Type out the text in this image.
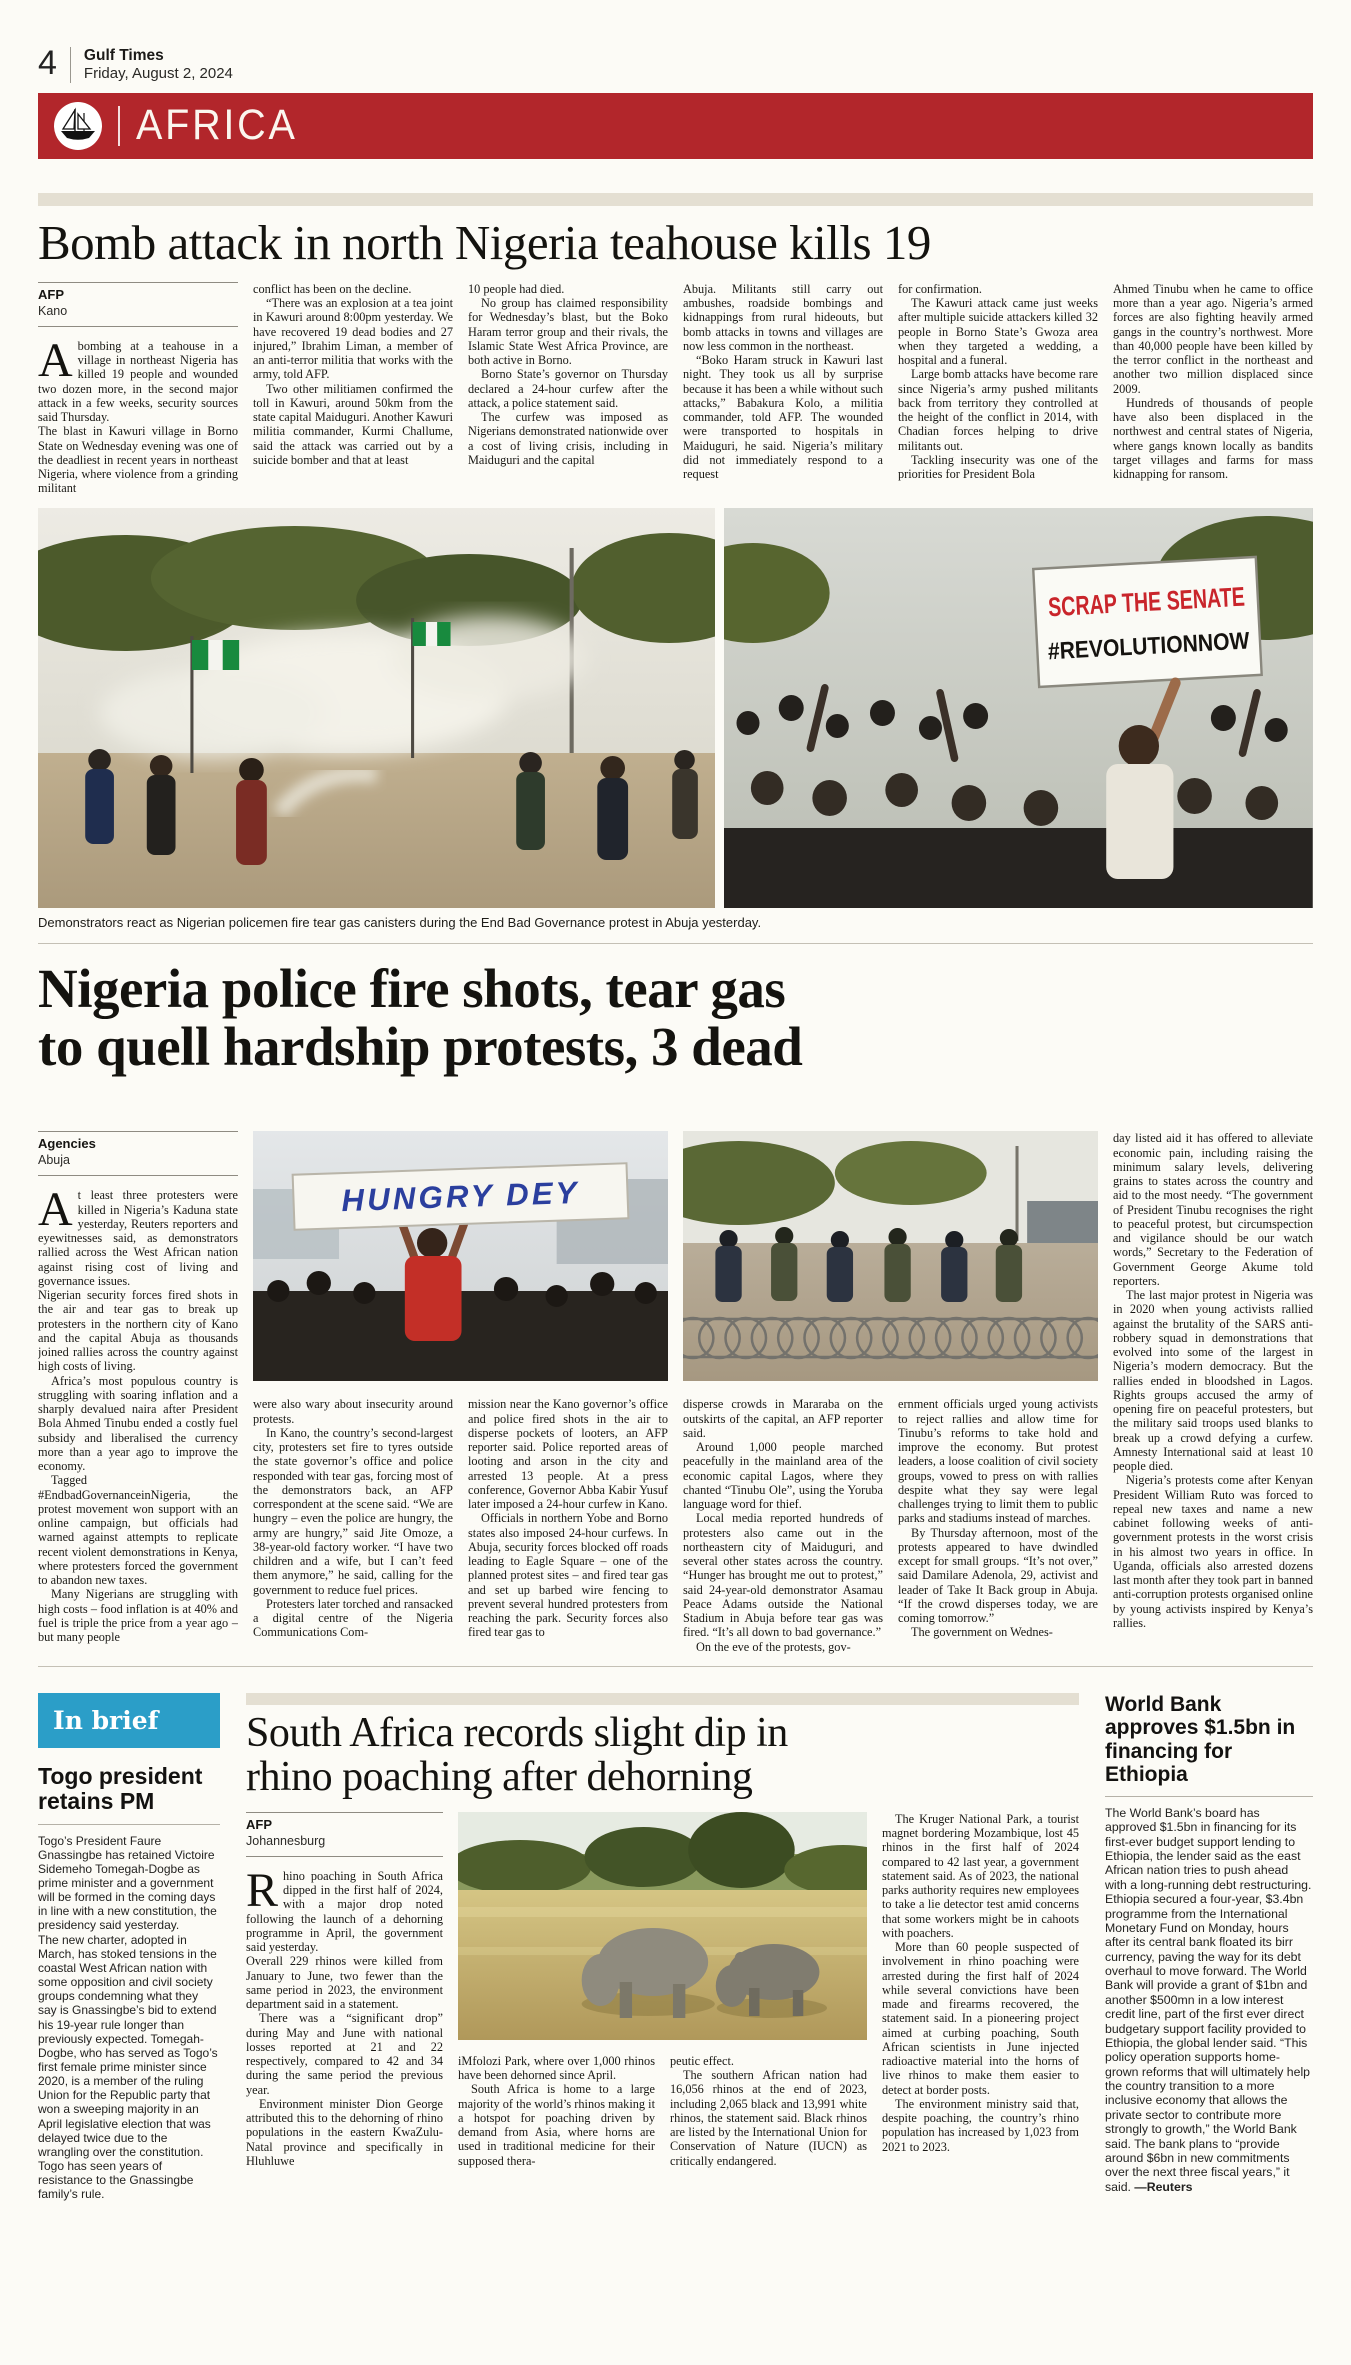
4 Gulf Times
Friday, August 2, 2024
AFRICA
Bomb attack in north Nigeria teahouse kills 19
AFP
Kano

Abombing at a teahouse in a village in northeast Nigeria has killed 19 people and wounded two dozen more, in the second major attack in a few weeks, security sources said Thursday.

The blast in Kawuri village in Borno State on Wednesday evening was one of the deadliest in recent years in northeast Nigeria, where violence from a grinding militant

conflict has been on the decline.

“There was an explosion at a tea joint in Kawuri around 8:00pm yesterday. We have recovered 19 dead bodies and 27 injured,” Ibrahim Liman, a member of an anti-terror militia that works with the army, told AFP.

Two other militiamen confirmed the toll in Kawuri, around 50km from the state capital Maiduguri. Another Kawuri militia commander, Kurmi Challume, said the attack was carried out by a suicide bomber and that at least

10 people had died.

No group has claimed responsibility for Wednesday’s blast, but the Boko Haram terror group and their rivals, the Islamic State West Africa Province, are both active in Borno.

Borno State’s governor on Thursday declared a 24-hour curfew after the attack, a police statement said.

The curfew was imposed as Nigerians demonstrated nationwide over a cost of living crisis, including in Maiduguri and the capital

Abuja. Militants still carry out ambushes, roadside bombings and kidnappings from rural hideouts, but bomb attacks in towns and villages are now less common in the northeast.

“Boko Haram struck in Kawuri last night. They took us all by surprise because it has been a while without such attacks,” Babakura Kolo, a militia commander, told AFP. The wounded were transported to hospitals in Maiduguri, he said. Nigeria’s military did not immediately respond to a request

for confirmation.

The Kawuri attack came just weeks after multiple suicide attackers killed 32 people in Borno State’s Gwoza area when they targeted a wedding, a hospital and a funeral.

Large bomb attacks have become rare since Nigeria’s army pushed militants back from territory they controlled at the height of the conflict in 2014, with Chadian forces helping to drive militants out.

Tackling insecurity was one of the priorities for President Bola

Ahmed Tinubu when he came to office more than a year ago. Nigeria’s armed forces are also fighting heavily armed gangs in the country’s northwest. More than 40,000 people have been killed by the terror conflict in the northeast and another two million displaced since 2009.

Hundreds of thousands of people have also been displaced in the northwest and central states of Nigeria, where gangs known locally as bandits target villages and farms for mass kidnapping for ransom.

SCRAP THE SENATE
#REVOLUTIONNOW
Demonstrators react as Nigerian policemen fire tear gas canisters during the End Bad Governance protest in Abuja yesterday.
Nigeria police fire shots, tear gas
to quell hardship protests, 3 dead
Agencies
Abuja

At least three protesters were killed in Nigeria’s Kaduna state yesterday, Reuters reporters and eyewitnesses said, as demonstrators rallied across the West African nation against rising cost of living and governance issues.

Nigerian security forces fired shots in the air and tear gas to break up protesters in the northern city of Kano and the capital Abuja as thousands joined rallies across the country against high costs of living.

Africa’s most populous country is struggling with soaring inflation and a sharply devalued naira after President Bola Ahmed Tinubu ended a costly fuel subsidy and liberalised the currency more than a year ago to improve the economy.

Tagged #EndbadGovernanceinNigeria, the protest movement won support with an online campaign, but officials had warned against attempts to replicate recent violent demonstrations in Kenya, where protesters forced the government to abandon new taxes.

Many Nigerians are struggling with high costs – food inflation is at 40% and fuel is triple the price from a year ago – but many people

HUNGRY DEY

were also wary about insecurity around protests.

In Kano, the country’s second-largest city, protesters set fire to tyres outside the state governor’s office and police responded with tear gas, forcing most of the demonstrators back, an AFP correspondent at the scene said. “We are hungry – even the police are hungry, the army are hungry,” said Jite Omoze, a 38-year-old factory worker. “I have two children and a wife, but I can’t feed them anymore,” he said, calling for the government to reduce fuel prices.

Protesters later torched and ransacked a digital centre of the Nigeria Communications Com-

mission near the Kano governor’s office and police fired shots in the air to disperse pockets of looters, an AFP reporter said. Police reported areas of looting and arson in the city and arrested 13 people. At a press conference, Governor Abba Kabir Yusuf later imposed a 24-hour curfew in Kano.

Officials in northern Yobe and Borno states also imposed 24-hour curfews. In Abuja, security forces blocked off roads leading to Eagle Square – one of the planned protest sites – and fired tear gas and set up barbed wire fencing to prevent several hundred protesters from reaching the park. Security forces also fired tear gas to

disperse crowds in Mararaba on the outskirts of the capital, an AFP reporter said.

Around 1,000 people marched peacefully in the mainland area of the economic capital Lagos, where they chanted “Tinubu Ole”, using the Yoruba language word for thief.

Local media reported hundreds of protesters also came out in the northeastern city of Maiduguri, and several other states across the country. “Hunger has brought me out to protest,” said 24-year-old demonstrator Asamau Peace Adams outside the National Stadium in Abuja before tear gas was fired. “It’s all down to bad governance.”

On the eve of the protests, gov-

ernment officials urged young activists to reject rallies and allow time for Tinubu’s reforms to take hold and improve the economy. But protest leaders, a loose coalition of civil society groups, vowed to press on with rallies despite what they say were legal challenges trying to limit them to public parks and stadiums instead of marches.

By Thursday afternoon, most of the protests appeared to have dwindled except for small groups. “It’s not over,” said Damilare Adenola, 29, activist and leader of Take It Back group in Abuja. “If the crowd disperses today, we are coming tomorrow.”

The government on Wednes-

day listed aid it has offered to alleviate economic pain, including raising the minimum salary levels, delivering grains to states across the country and aid to the most needy. “The government of President Tinubu recognises the right to peaceful protest, but circumspection and vigilance should be our watch words,” Secretary to the Federation of Government George Akume told reporters.

The last major protest in Nigeria was in 2020 when young activists rallied against the brutality of the SARS anti-robbery squad in demonstrations that evolved into some of the largest in Nigeria’s modern democracy. But the rallies ended in bloodshed in Lagos. Rights groups accused the army of opening fire on peaceful protesters, but the military said troops used blanks to break up a crowd defying a curfew. Amnesty International said at least 10 people died.

Nigeria’s protests come after Kenyan President William Ruto was forced to repeal new taxes and name a new cabinet following weeks of anti-government protests in the worst crisis in his almost two years in office. In Uganda, officials also arrested dozens last month after they took part in banned anti-corruption protests organised online by young activists inspired by Kenya’s rallies.

In brief
Togo president retains PM

Togo’s President Faure Gnassingbe has retained Victoire Sidemeho Tomegah-Dogbe as prime minister and a government will be formed in the coming days in line with a new constitution, the presidency said yesterday.

The new charter, adopted in March, has stoked tensions in the coastal West African nation with some opposition and civil society groups condemning what they say is Gnassingbe’s bid to extend his 19-year rule longer than previously expected. Tomegah-Dogbe, who has served as Togo’s first female prime minister since 2020, is a member of the ruling Union for the Republic party that won a sweeping majority in an April legislative election that was delayed twice due to the wrangling over the constitution. Togo has seen years of resistance to the Gnassingbe family’s rule.

South Africa records slight dip in
rhino poaching after dehorning
AFP
Johannesburg

Rhino poaching in South Africa dipped in the first half of 2024, with a major drop noted following the launch of a dehorning programme in April, the government said yesterday.

Overall 229 rhinos were killed from January to June, two fewer than the same period in 2023, the environment department said in a statement.

There was a “significant drop” during May and June with national losses reported at 21 and 22 respectively, compared to 42 and 34 during the same period the previous year.

Environment minister Dion George attributed this to the dehorning of rhino populations in the eastern KwaZulu-Natal province and specifically in Hluhluwe

The Kruger National Park, a tourist magnet bordering Mozambique, lost 45 rhinos in the first half of 2024 compared to 42 last year, a government statement said. As of 2023, the national parks authority requires new employees to take a lie detector test amid concerns that some workers might be in cahoots with poachers.

More than 60 people suspected of involvement in rhino poaching were arrested during the first half of 2024 while several convictions have been made and firearms recovered, the statement said. In a pioneering project aimed at curbing poaching, South African scientists in June injected radioactive material into the horns of live rhinos to make them easier to detect at border posts.

The environment ministry said that, despite poaching, the country’s rhino population has increased by 1,023 from 2021 to 2023.

iMfolozi Park, where over 1,000 rhinos have been dehorned since April.

South Africa is home to a large majority of the world’s rhinos making it a hotspot for poaching driven by demand from Asia, where horns are used in traditional medicine for their supposed thera-

peutic effect.

The southern African nation had 16,056 rhinos at the end of 2023, including 2,065 black and 13,991 white rhinos, the statement said. Black rhinos are listed by the International Union for Conservation of Nature (IUCN) as critically endangered.

World Bank approves $1.5bn in financing for Ethiopia
The World Bank’s board has approved $1.5bn in financing for its first-ever budget support lending to Ethiopia, the lender said as the east African nation tries to push ahead with a long-running debt restructuring. Ethiopia secured a four-year, $3.4bn programme from the International Monetary Fund on Monday, hours after its central bank floated its birr currency, paving the way for its debt overhaul to move forward. The World Bank will provide a grant of $1bn and another $500mn in a low interest credit line, part of the first ever direct budgetary support facility provided to Ethiopia, the global lender said. “This policy operation supports home-grown reforms that will ultimately help the country transition to a more inclusive economy that allows the private sector to contribute more strongly to growth,” the World Bank said. The bank plans to “provide around $6bn in new commitments over the next three fiscal years,” it said. —Reuters
